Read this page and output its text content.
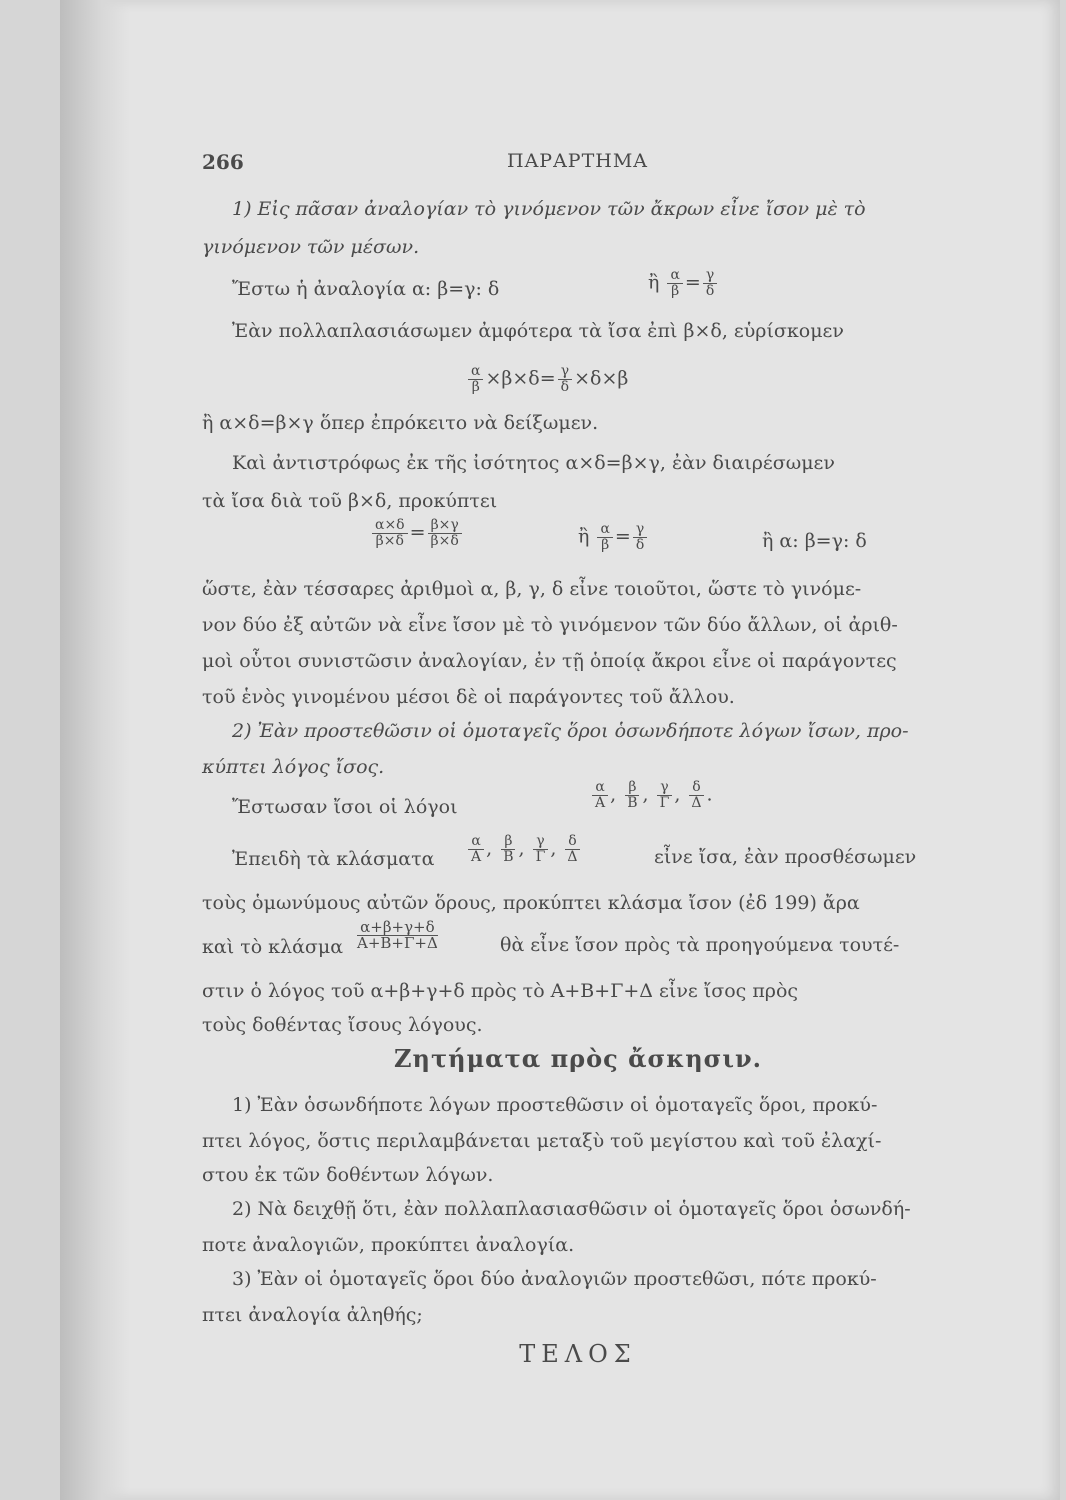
266	ΠΑΡΑΡΤΗΜΑ
1) Εἰς πᾶσαν ἀναλογίαν τὸ γινόμενον τῶν ἄκρων εἶνε ἴσον μὲ τὸ
γινόμενον τῶν μέσων.
Ἔστω ἡ ἀναλογία α: β=γ: δ	ἢ $\frac{\alpha}{\beta} = \frac{\gamma}{\delta}$
Ἐὰν πολλαπλασιάσωμεν ἀμφότερα τὰ ἴσα ἐπὶ β×δ, εὑρίσκομεν
$\frac{\alpha}{\beta} \times\beta\times\delta= \frac{\gamma}{\delta} \times\delta\times\beta$
ἢ α×δ=β×γ ὅπερ ἐπρόκειτο νὰ δείξωμεν.
Καὶ ἀντιστρόφως ἐκ τῆς ἰσότητος α×δ=β×γ, ἐὰν διαιρέσωμεν
τὰ ἴσα διὰ τοῦ β×δ, προκύπτει
$\frac{\alpha\times\delta}{\beta\times\delta} = \frac{\beta\times\gamma}{\beta\times\delta}$	ἢ $\frac{\alpha}{\beta} = \frac{\gamma}{\delta}$	ἢ α: β=γ: δ
ὥστε, ἐὰν τέσσαρες ἀριθμοὶ α, β, γ, δ εἶνε τοιοῦτοι, ὥστε τὸ γινόμε-
νον δύο ἐξ αὐτῶν νὰ εἶνε ἴσον μὲ τὸ γινόμενον τῶν δύο ἄλλων, οἱ ἀριθ-
μοὶ οὗτοι συνιστῶσιν ἀναλογίαν, ἐν τῇ ὁποίᾳ ἄκροι εἶνε οἱ παράγοντες
τοῦ ἑνὸς γινομένου μέσοι δὲ οἱ παράγοντες τοῦ ἄλλου.
2) Ἐὰν προστεθῶσιν οἱ ὁμοταγεῖς ὅροι ὁσωνδήποτε λόγων ἴσων, προ-
κύπτει λόγος ἴσος.
Ἔστωσαν ἴσοι οἱ λόγοι	$\frac{\alpha}{A}$ , $\frac{\beta}{B}$ , $\frac{\gamma}{\Gamma}$ , $\frac{\delta}{\Delta}$ .
Ἐπειδὴ τὰ κλάσματα	$\frac{\alpha}{A}$ , $\frac{\beta}{B}$ , $\frac{\gamma}{\Gamma}$ , $\frac{\delta}{\Delta}$	εἶνε ἴσα, ἐὰν προσθέσωμεν
τοὺς ὁμωνύμους αὐτῶν ὅρους, προκύπτει κλάσμα ἴσον (ἐδ 199) ἄρα
καὶ τὸ κλάσμα $\frac{\alpha+\beta+\gamma+\delta}{A+B+\Gamma+\Delta}$	θὰ εἶνε ἴσον πρὸς τὰ προηγούμενα τουτέ-
στιν ὁ λόγος τοῦ α+β+γ+δ πρὸς τὸ Α+Β+Γ+Δ εἶνε ἴσος πρὸς
τοὺς δοθέντας ἴσους λόγους.
Ζητήματα πρὸς ἄσκησιν.
1) Ἐὰν ὁσωνδήποτε λόγων προστεθῶσιν οἱ ὁμοταγεῖς ὅροι, προκύ-
πτει λόγος, ὅστις περιλαμβάνεται μεταξὺ τοῦ μεγίστου καὶ τοῦ ἐλαχί-
στου ἐκ τῶν δοθέντων λόγων.
2) Νὰ δειχθῇ ὅτι, ἐὰν πολλαπλασιασθῶσιν οἱ ὁμοταγεῖς ὅροι ὁσωνδή-
ποτε ἀναλογιῶν, προκύπτει ἀναλογία.
3) Ἐὰν οἱ ὁμοταγεῖς ὅροι δύο ἀναλογιῶν προστεθῶσι, πότε προκύ-
πτει ἀναλογία ἀληθής;
ΤΕΛΟΣ
